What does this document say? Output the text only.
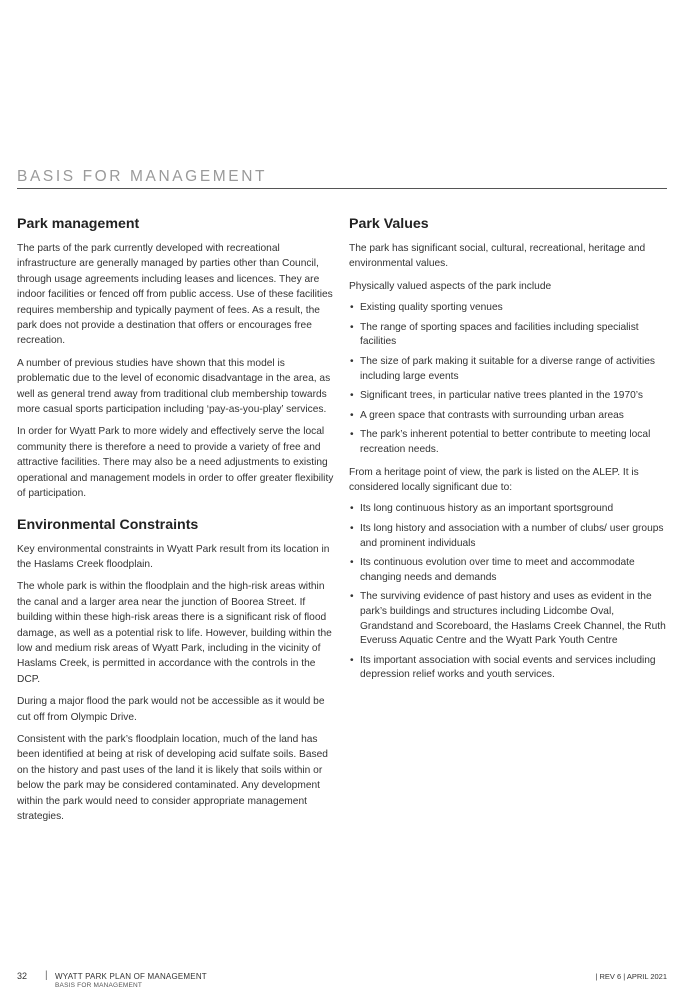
BASIS FOR MANAGEMENT
Park management

The parts of the park currently developed with recreational infrastructure are generally managed by parties other than Council, through usage agreements including leases and licences. They are indoor facilities or fenced off from public access. Use of these facilities requires membership and typically payment of fees. As a result, the park does not provide a destination that offers or encourages free recreation.

A number of previous studies have shown that this model is problematic due to the level of economic disadvantage in the area, as well as general trend away from traditional club membership towards more casual sports participation including ‘pay-as-you-play’ services.

In order for Wyatt Park to more widely and effectively serve the local community there is therefore a need to provide a variety of free and attractive facilities. There may also be a need adjustments to existing operational and management models in order to offer greater flexibility of participation.

Environmental Constraints

Key environmental constraints in Wyatt Park result from its location in the Haslams Creek floodplain.

The whole park is within the floodplain and the high-risk areas within the canal and a larger area near the junction of Boorea Street. If building within these high-risk areas there is a significant risk of flood damage, as well as a potential risk to life. However, building within the low and medium risk areas of Wyatt Park, including in the vicinity of Haslams Creek, is permitted in accordance with the controls in the DCP.

During a major flood the park would not be accessible as it would be cut off from Olympic Drive.

Consistent with the park’s floodplain location, much of the land has been identified at being at risk of developing acid sulfate soils. Based on the history and past uses of the land it is likely that soils within or below the park may be considered contaminated. Any development within the park would need to consider appropriate management strategies.

Park Values

The park has significant social, cultural, recreational, heritage and environmental values.

Physically valued aspects of the park include

• Existing quality sporting venues
• The range of sporting spaces and facilities including specialist facilities
• The size of park making it suitable for a diverse range of activities including large events
• Significant trees, in particular native trees planted in the 1970’s
• A green space that contrasts with surrounding urban areas
• The park’s inherent potential to better contribute to meeting local recreation needs.

From a heritage point of view, the park is listed on the ALEP. It is considered locally significant due to:

• Its long continuous history as an important sportsground
• Its long history and association with a number of clubs/ user groups and prominent individuals
• Its continuous evolution over time to meet and accommodate changing needs and demands
• The surviving evidence of past history and uses as evident in the park’s buildings and structures including Lidcombe Oval, Grandstand and Scoreboard, the Haslams Creek Channel, the Ruth Everuss Aquatic Centre and the Wyatt Park Youth Centre
• Its important association with social events and services including depression relief works and youth services.
32 | WYATT PARK PLAN OF MANAGEMENT
BASIS FOR MANAGEMENT
| REV 6 | APRIL 2021
